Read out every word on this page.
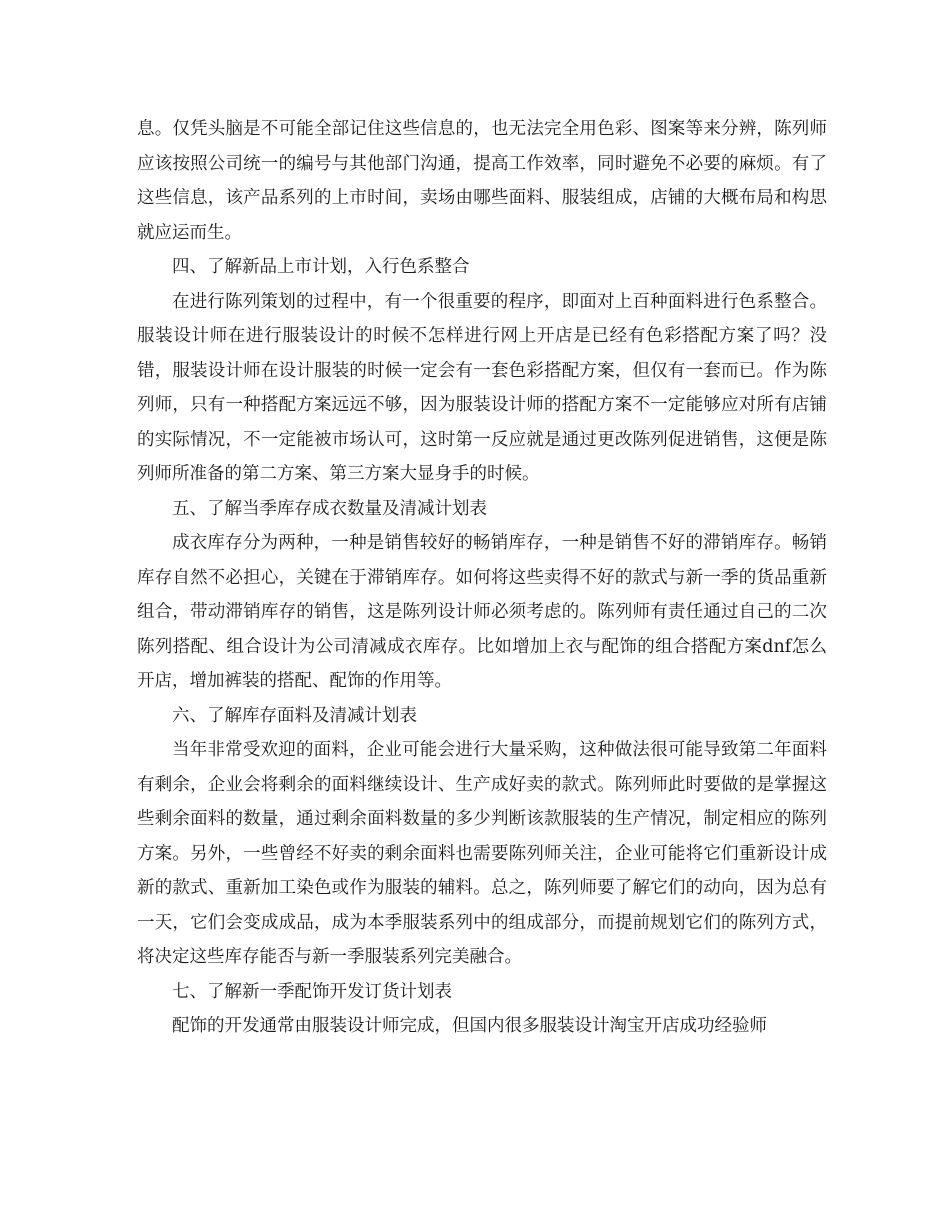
息。仅凭头脑是不可能全部记住这些信息的，也无法完全用色彩、图案等来分辨，陈列师应该按照公司统一的编号与其他部门沟通，提高工作效率，同时避免不必要的麻烦。有了这些信息，该产品系列的上市时间，卖场由哪些面料、服装组成，店铺的大概布局和构思就应运而生。

四、了解新品上市计划，入行色系整合

在进行陈列策划的过程中，有一个很重要的程序，即面对上百种面料进行色系整合。服装设计师在进行服装设计的时候不怎样进行网上开店是已经有色彩搭配方案了吗？没错，服装设计师在设计服装的时候一定会有一套色彩搭配方案，但仅有一套而已。作为陈列师，只有一种搭配方案远远不够，因为服装设计师的搭配方案不一定能够应对所有店铺的实际情况，不一定能被市场认可，这时第一反应就是通过更改陈列促进销售，这便是陈列师所准备的第二方案、第三方案大显身手的时候。

五、了解当季库存成衣数量及清减计划表

成衣库存分为两种，一种是销售较好的畅销库存，一种是销售不好的滞销库存。畅销库存自然不必担心，关键在于滞销库存。如何将这些卖得不好的款式与新一季的货品重新组合，带动滞销库存的销售，这是陈列设计师必须考虑的。陈列师有责任通过自己的二次陈列搭配、组合设计为公司清减成衣库存。比如增加上衣与配饰的组合搭配方案dnf怎么开店，增加裤装的搭配、配饰的作用等。

六、了解库存面料及清减计划表

当年非常受欢迎的面料，企业可能会进行大量采购，这种做法很可能导致第二年面料有剩余，企业会将剩余的面料继续设计、生产成好卖的款式。陈列师此时要做的是掌握这些剩余面料的数量，通过剩余面料数量的多少判断该款服装的生产情况，制定相应的陈列方案。另外，一些曾经不好卖的剩余面料也需要陈列师关注，企业可能将它们重新设计成新的款式、重新加工染色或作为服装的辅料。总之，陈列师要了解它们的动向，因为总有一天，它们会变成成品，成为本季服装系列中的组成部分，而提前规划它们的陈列方式，将决定这些库存能否与新一季服装系列完美融合。

七、了解新一季配饰开发订货计划表

配饰的开发通常由服装设计师完成，但国内很多服装设计淘宝开店成功经验师
